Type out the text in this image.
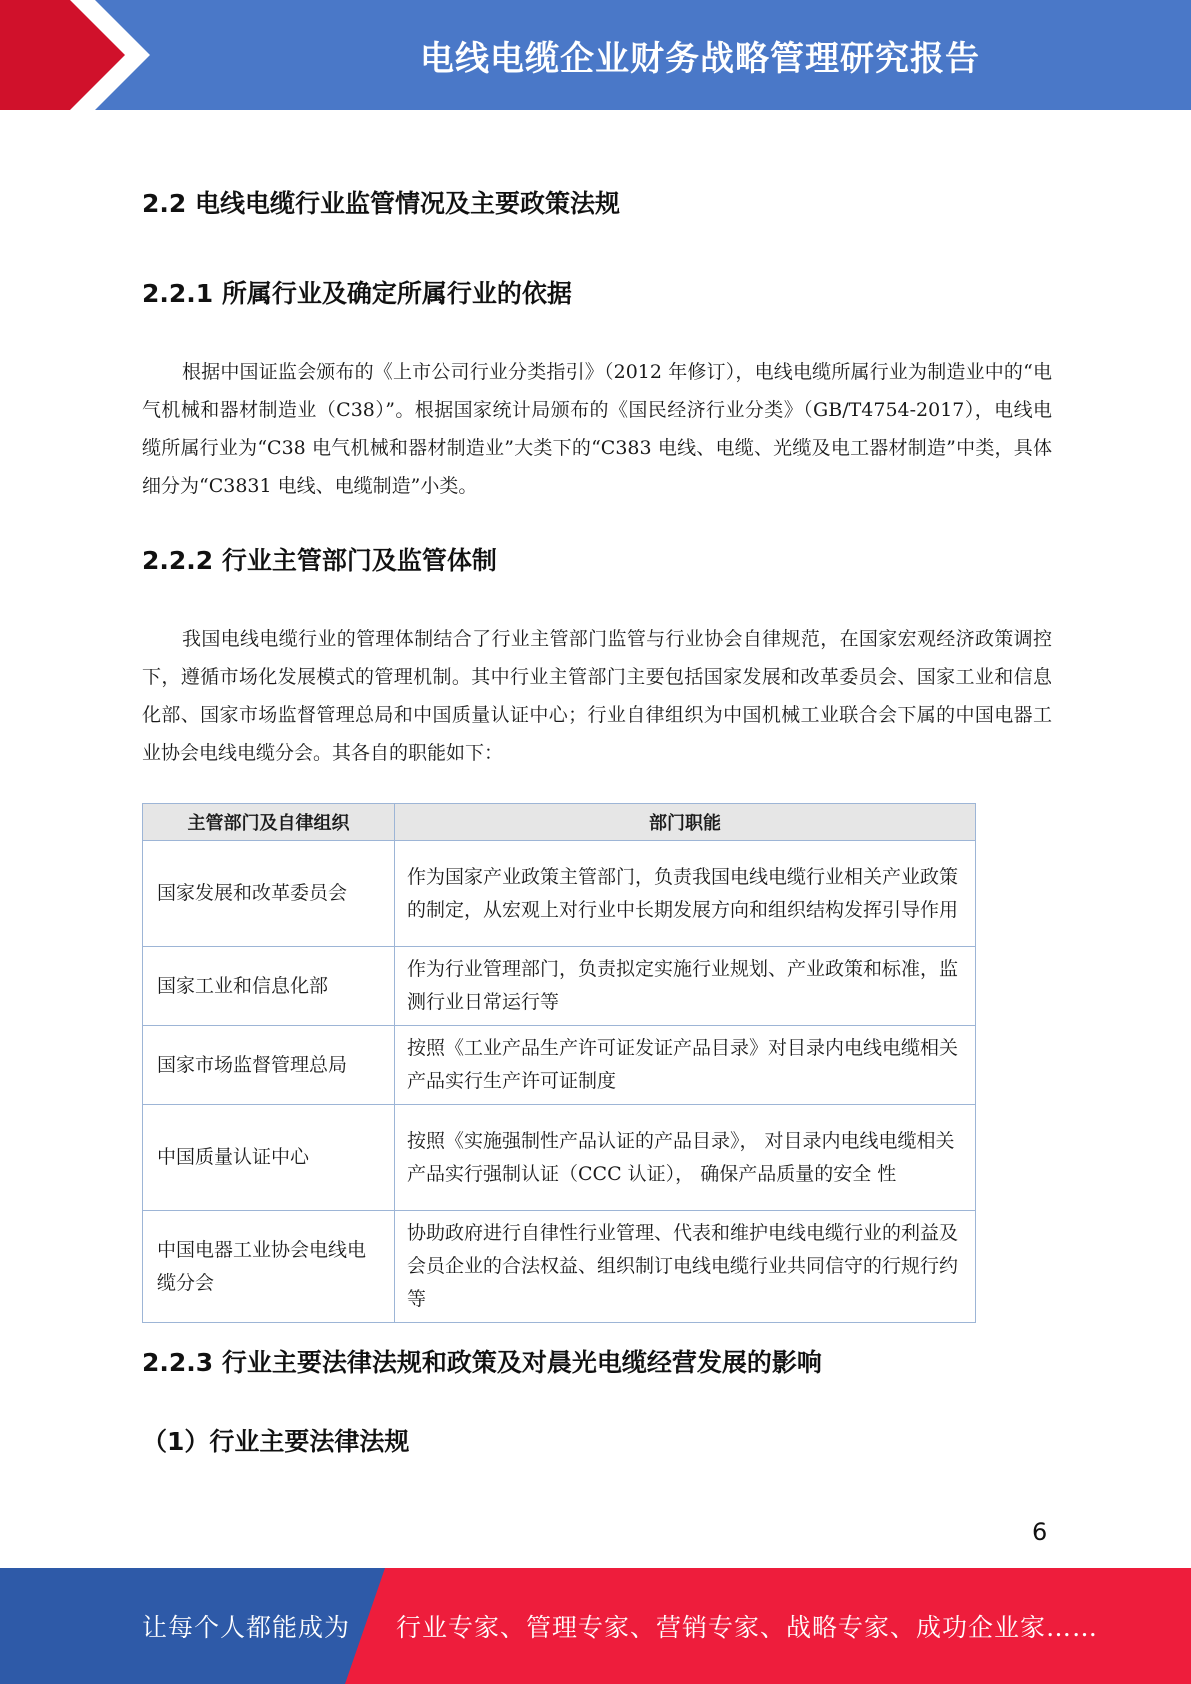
电线电缆企业财务战略管理研究报告
2.2 电线电缆行业监管情况及主要政策法规
2.2.1 所属行业及确定所属行业的依据

根据中国证监会颁布的《上市公司行业分类指引》（2012 年修订），电线电缆所属行业为制造业中的“电气机械和器材制造业（C38）”。根据国家统计局颁布的《国民经济行业分类》（GB/T4754-2017），电线电缆所属行业为“C38 电气机械和器材制造业”大类下的“C383 电线、电缆、光缆及电工器材制造”中类，具体细分为“C3831 电线、电缆制造”小类。

2.2.2 行业主管部门及监管体制

我国电线电缆行业的管理体制结合了行业主管部门监管与行业协会自律规范，在国家宏观经济政策调控下，遵循市场化发展模式的管理机制。其中行业主管部门主要包括国家发展和改革委员会、国家工业和信息化部、国家市场监督管理总局和中国质量认证中心；行业自律组织为中国机械工业联合会下属的中国电器工业协会电线电缆分会。其各自的职能如下：

主管部门及自律组织	部门职能
国家发展和改革委员会	作为国家产业政策主管部门，负责我国电线电缆行业相关产业政策的制定，从宏观上对行业中长期发展方向和组织结构发挥引导作用
国家工业和信息化部	作为行业管理部门，负责拟定实施行业规划、产业政策和标准，监测行业日常运行等
国家市场监督管理总局	按照《工业产品生产许可证发证产品目录》对目录内电线电缆相关产品实行生产许可证制度
中国质量认证中心	按照《实施强制性产品认证的产品目录》， 对目录内电线电缆相关产品实行强制认证（CCC 认证）， 确保产品质量的安全 性
中国电器工业协会电线电缆分会	协助政府进行自律性行业管理、代表和维护电线电缆行业的利益及会员企业的合法权益、组织制订电线电缆行业共同信守的行规行约等
2.2.3 行业主要法律法规和政策及对晨光电缆经营发展的影响
（1）行业主要法律法规
6
让每个人都能成为 行业专家、管理专家、营销专家、战略专家、成功企业家……
